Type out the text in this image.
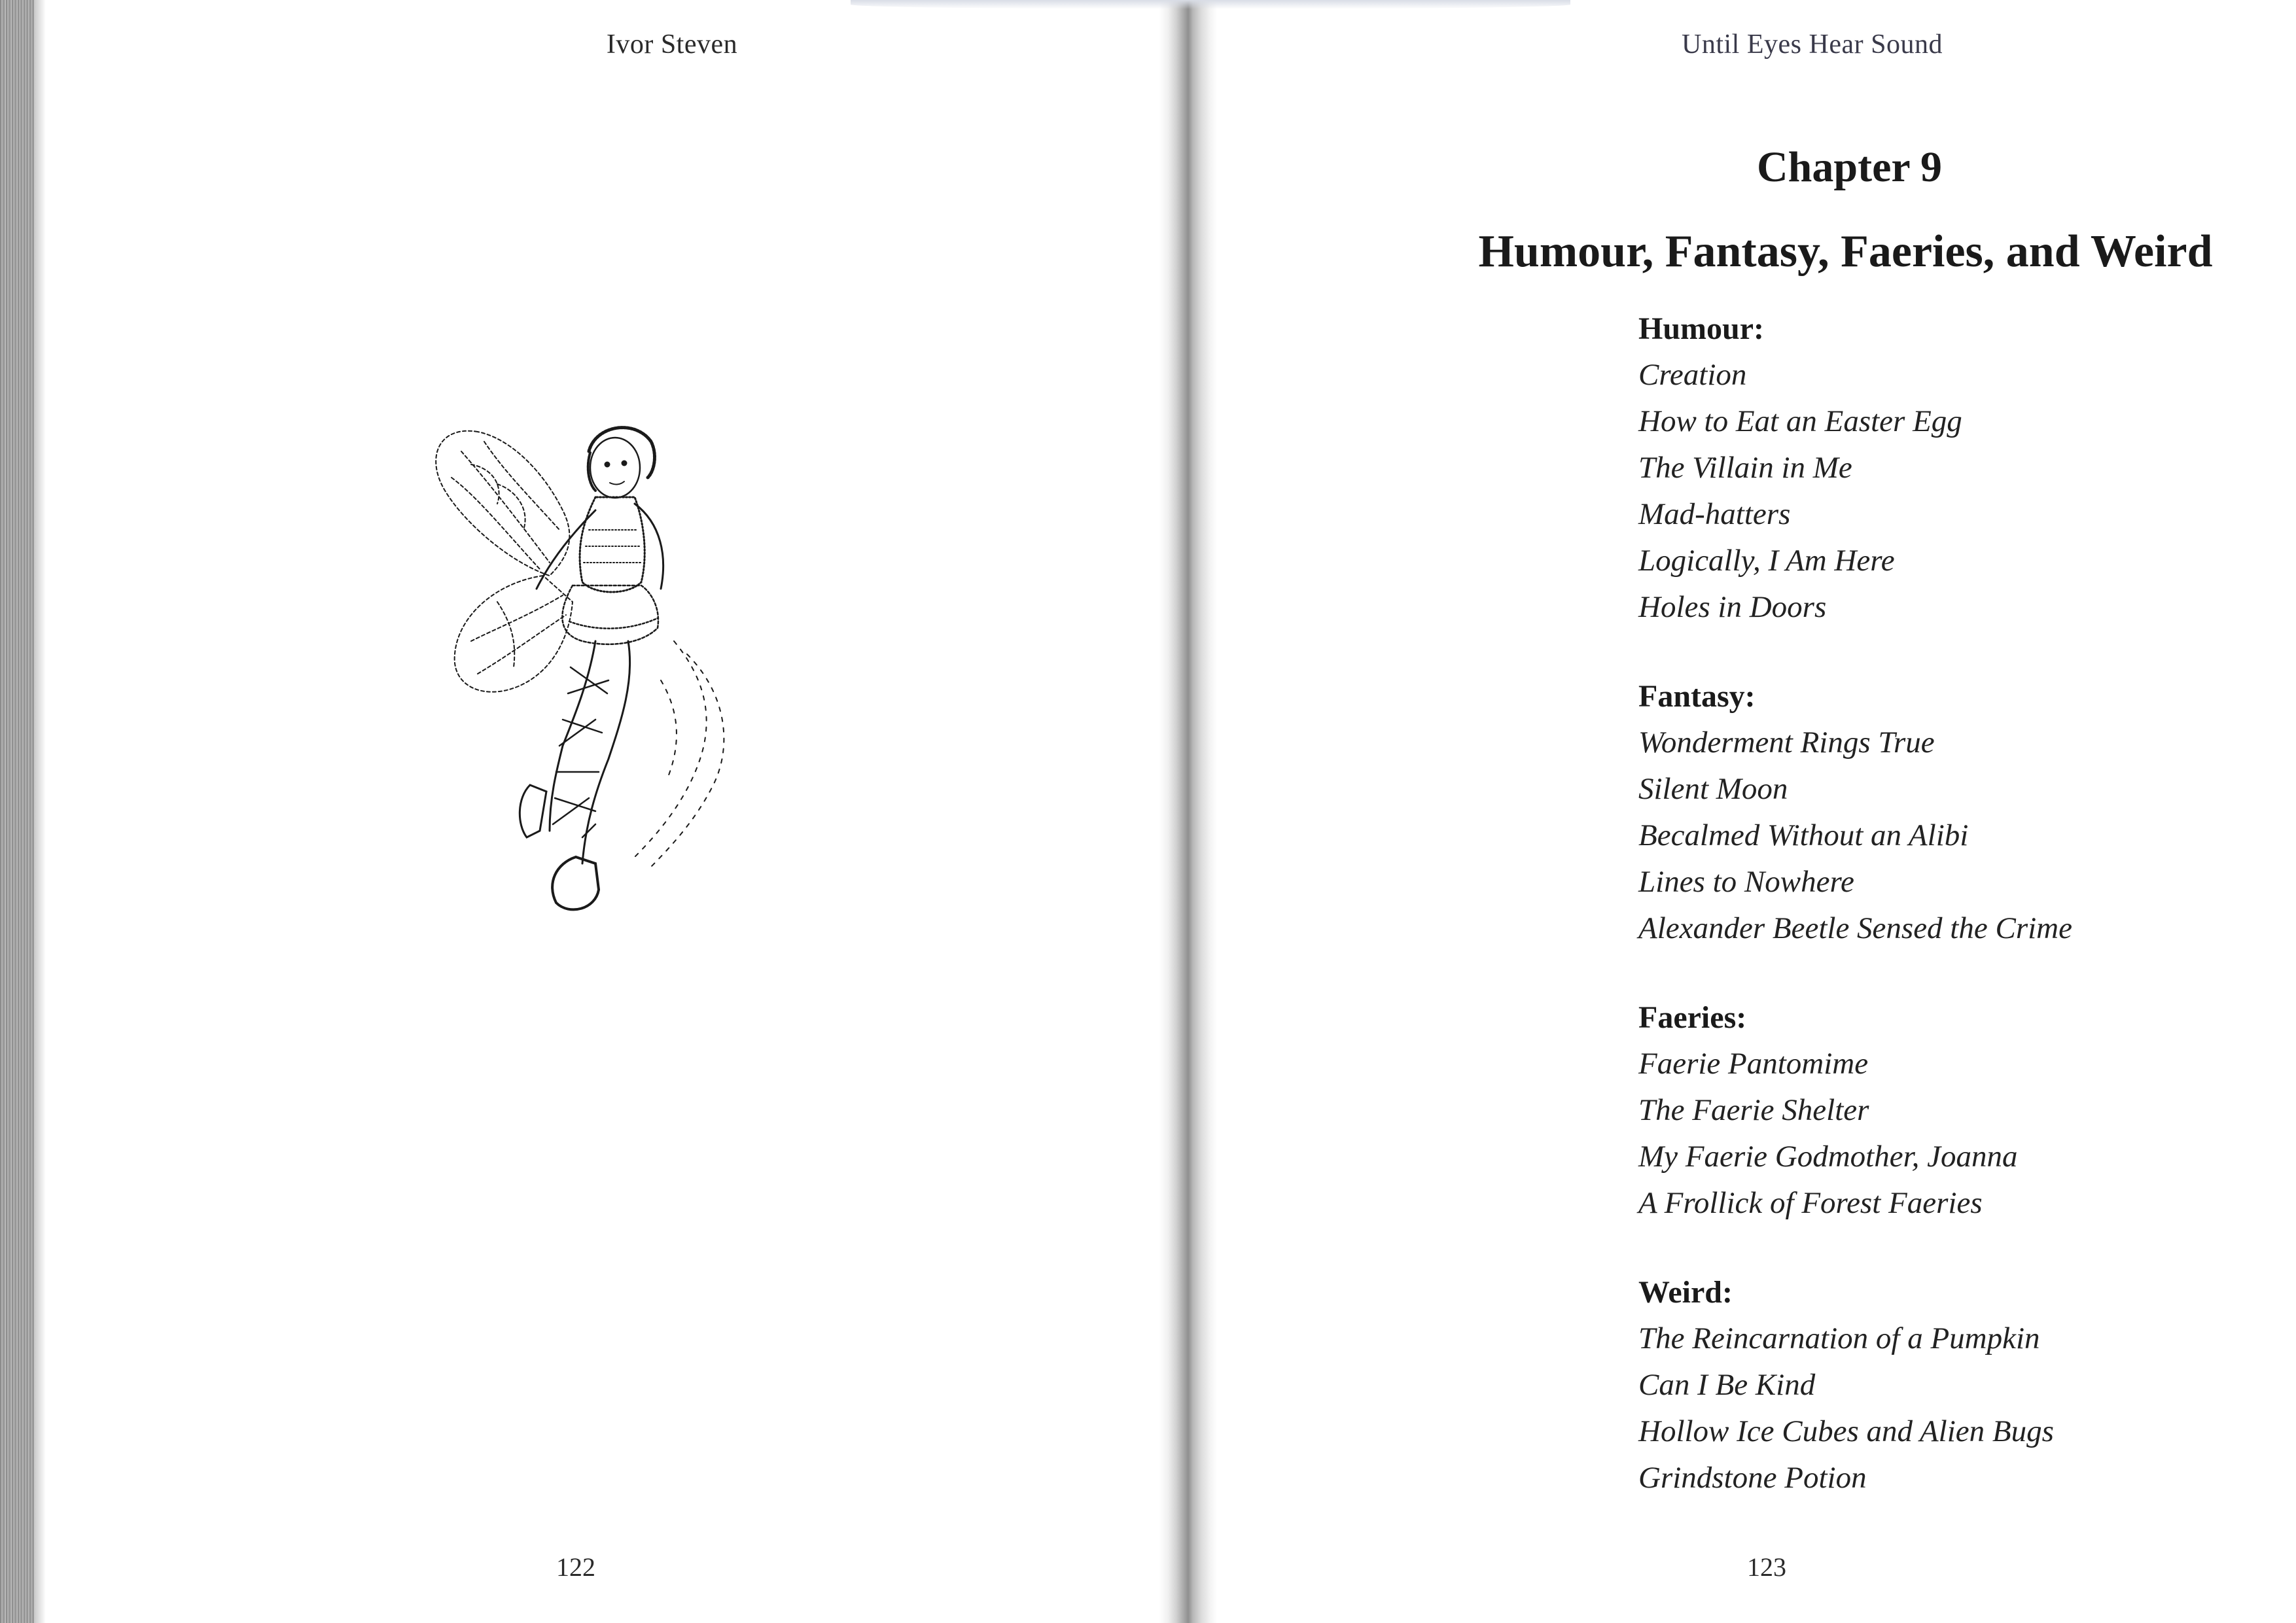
Ivor Steven
122
Until Eyes Hear Sound
Chapter 9
Humour, Fantasy, Faeries, and Weird
Humour:
Creation
How to Eat an Easter Egg
The Villain in Me
Mad-hatters
Logically, I Am Here
Holes in Doors
Fantasy:
Wonderment Rings True
Silent Moon
Becalmed Without an Alibi
Lines to Nowhere
Alexander Beetle Sensed the Crime
Faeries:
Faerie Pantomime
The Faerie Shelter
My Faerie Godmother, Joanna
A Frollick of Forest Faeries
Weird:
The Reincarnation of a Pumpkin
Can I Be Kind
Hollow Ice Cubes and Alien Bugs
Grindstone Potion
123
